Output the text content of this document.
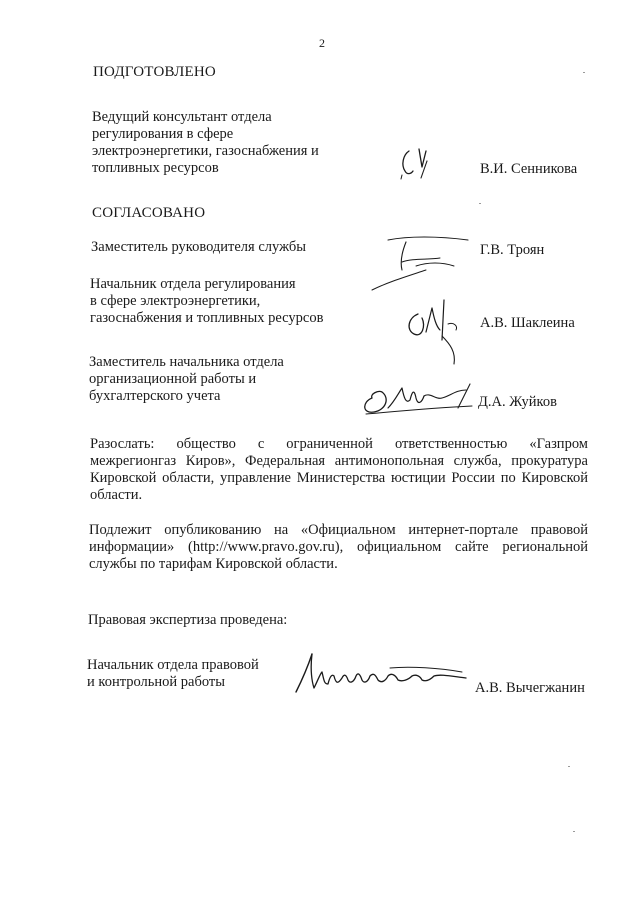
2
ПОДГОТОВЛЕНО
Ведущий консультант отдела
регулирования в сфере
электроэнергетики, газоснабжения и
топливных ресурсов	В.И. Сенникова
СОГЛАСОВАНО
Заместитель руководителя службы	Г.В. Троян
Начальник отдела регулирования
в сфере электроэнергетики,
газоснабжения и топливных ресурсов	А.В. Шаклеина
Заместитель начальника отдела
организационной работы и
бухгалтерского учета	Д.А. Жуйков
Разослать: общество с ограниченной ответственностью «Газпром
межрегионгаз Киров», Федеральная антимонопольная служба, прокуратура Кировской области, управление Министерства юстиции России по Кировской области.
Подлежит опубликованию на «Официальном интернет-портале правовой информации» (http://www.pravo.gov.ru), официальном сайте региональной службы по тарифам Кировской области.
Правовая экспертиза проведена:
Начальник отдела правовой
и контрольной работы	А.В. Вычегжанин
